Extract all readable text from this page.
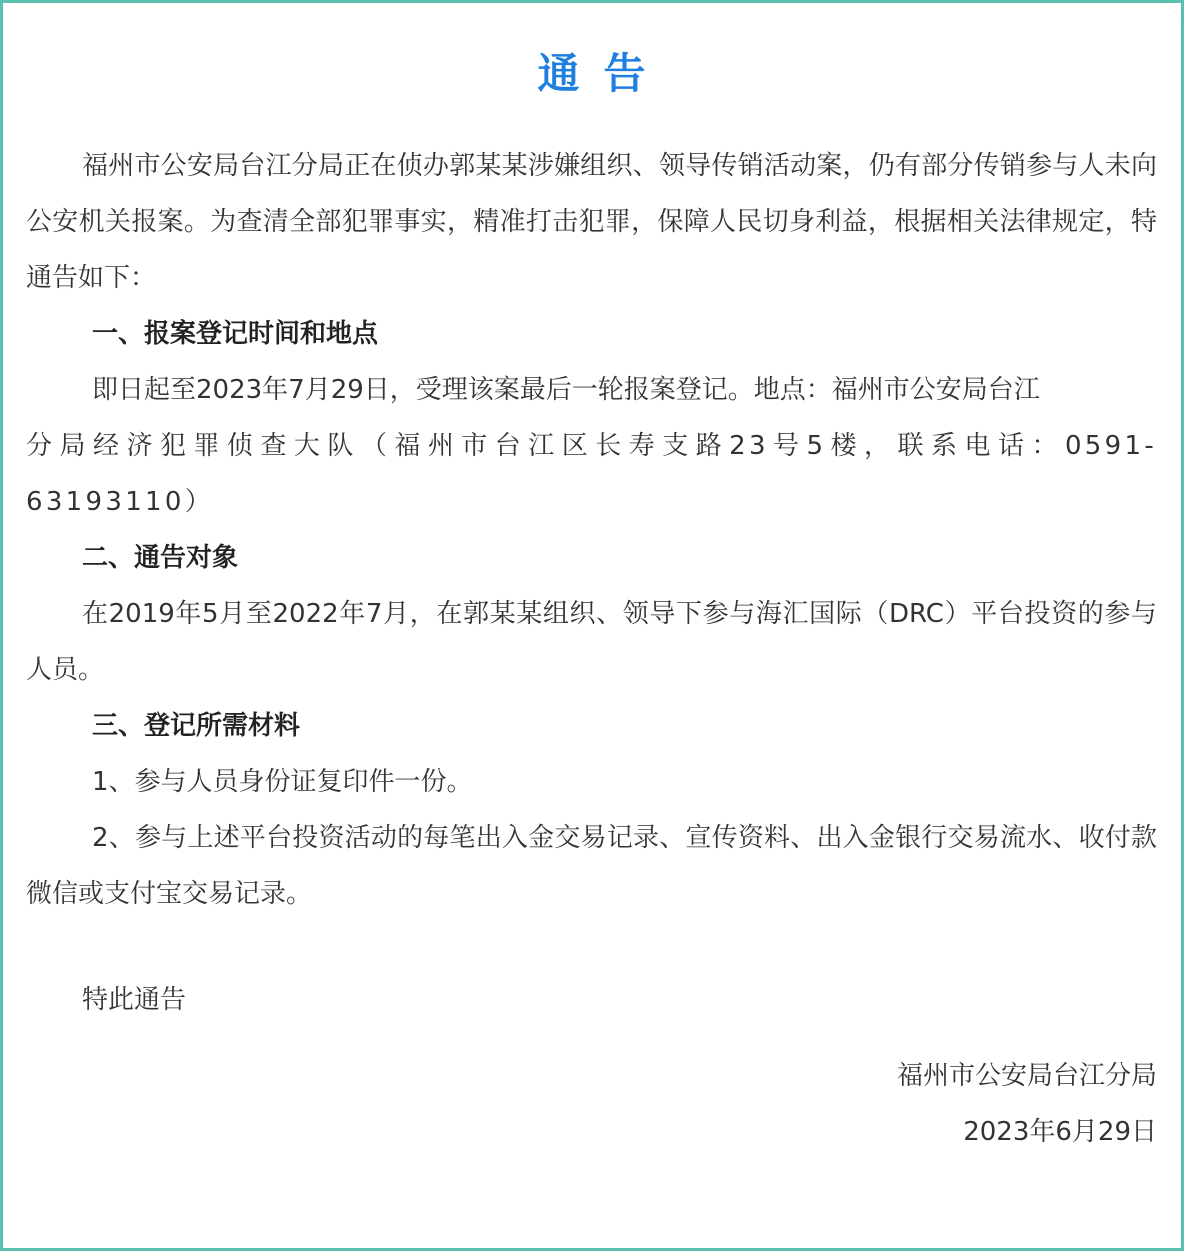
通告

福州市公安局台江分局正在侦办郭某某涉嫌组织、领导传销活动案，仍有部分传销参与人未向公安机关报案。为查清全部犯罪事实，精准打击犯罪，保障人民切身利益，根据相关法律规定，特通告如下：

一、报案登记时间和地点

即日起至2023年7月29日，受理该案最后一轮报案登记。地点：福州市公安局台江

分局经济犯罪侦查大队（福州市台江区长寿支路23号5楼，联系电话：0591-63193110）

二、通告对象

在2019年5月至2022年7月，在郭某某组织、领导下参与海汇国际（DRC）平台投资的参与人员。

三、登记所需材料

1、参与人员身份证复印件一份。

2、参与上述平台投资活动的每笔出入金交易记录、宣传资料、出入金银行交易流水、收付款微信或支付宝交易记录。

特此通告

福州市公安局台江分局

2023年6月29日
